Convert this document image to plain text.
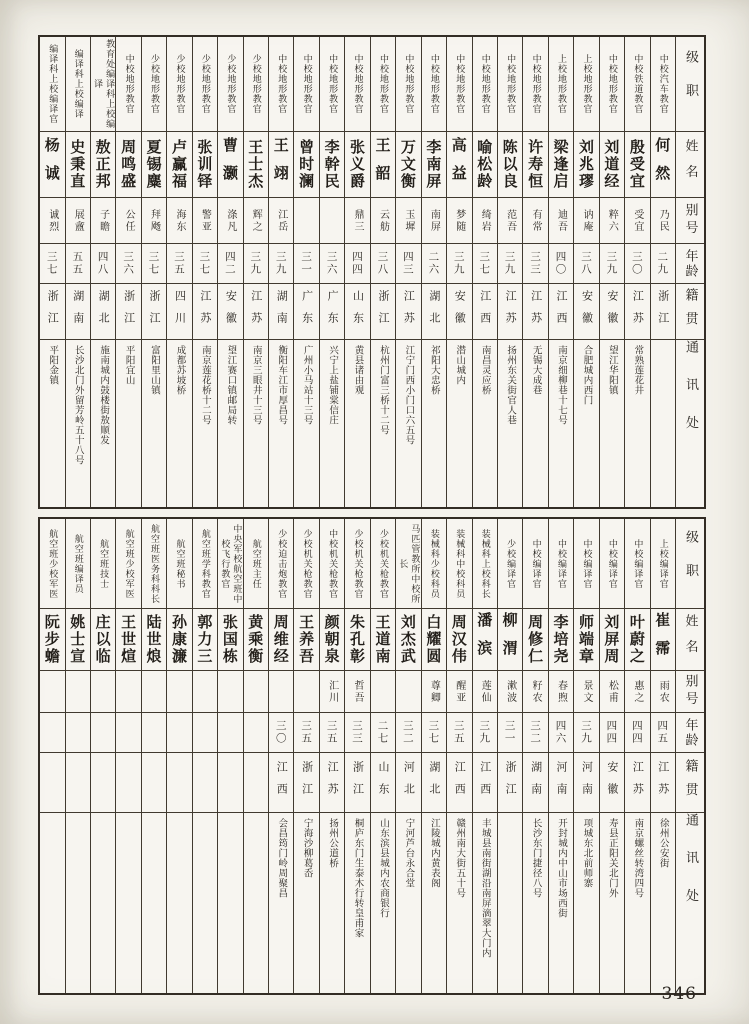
级职
姓名
别号
年龄
籍贯
通讯处
中校汽车教官
何然
乃民
二九
浙江
中校铁道教官
殷受宜
受宜
三〇
江苏
常熟莲花井
中校地形教官
刘道经
粹六
三九
安徽
望江华阳镇
上校地形教官
刘兆璆
讷庵
三八
安徽
合肥城内西门
上校地形教官
梁逢启
迪吾
四〇
江西
南京细柳巷十七号
中校地形教官
许寿恒
有常
三三
江苏
无锡大成巷
中校地形教官
陈以良
范吾
三九
江苏
扬州东关街官人巷
中校地形教官
喻松龄
绮岩
三七
江西
南昌灵应桥
中校地形教官
高益
梦随
三九
安徽
潜山城内
中校地形教官
李南屏
南屏
二六
湖北
祁阳大忠桥
中校地形教官
万文衡
玉墀
四三
江苏
江宁门西小门口六五号
中校地形教官
王韶
云舫
三八
浙江
杭州门富三桥十二号
中校地形教官
张义爵
鼎三
四四
山东
黄县诸由观
中校地形教官
李幹民
三六
广东
兴宁上盐铺棠信庄
中校地形教官
曾时澜
三一
广东
广州小马站十三号
中校地形教官
王翊
江岳
三九
湖南
衡阳车江市厚昌号
少校地形教官
王士杰
辉之
三九
江苏
南京三眼井十三号
少校地形教官
曹灏
涤凡
四二
安徽
望江赛口镇邮局转
少校地形教官
张训铎
警亚
三七
江苏
南京莲花桥十二号
少校地形教官
卢赢福
海东
三五
四川
成都苏坡桥
少校地形教官
夏锡麋
拜飏
三七
浙江
富阳里山镇
中校地形教官
周鸣盛
公任
三六
浙江
平阳宜山
教育处编译科上校编译
敖正邦
子瞻
四八
湖北
施南城内鼓楼街敖顺发
编译科上校编译
史秉直
展盦
五五
湖南
长沙北门外留芳岭五十八号
编译科上校编译官
杨诚
诚烈
三七
浙江
平阳金镇
级职
姓名
别号
年龄
籍贯
通讯处
上校编译官
崔霈
雨农
四五
江苏
徐州公安街
中校编译官
叶蔚之
惠之
四四
江苏
南京螺丝转湾四号
中校编译官
刘屏周
松甫
四四
安徽
寿县正阳关北门外
中校编译官
师端章
景文
三九
河南
项城东北前师寨
中校编译官
李培尧
春煦
四六
河南
开封城内中山市场西街
中校编译官
周修仁
籽农
三二
湖南
长沙东门捷径八号
少校编译官
柳渭
漱波
三一
浙江
装械科上校科长
潘滨
莲仙
三九
江西
丰城县南街湖沿南屏滴翠大门内
装械科中校科员
周汉伟
醒亚
三五
江西
赣州南大街五十号
装械科少校科员
白耀圆
尊卿
三七
湖北
江陵城内黄表阁
马匹管教所中校所长
刘杰武
三二
河北
宁河芦台永合堂
少校机关枪教官
王道南
二七
山东
山东滨县城内农商银行
少校机关枪教官
朱孔彰
哲吾
三三
浙江
桐庐东门生泰木行转皇甫家
中校机关枪教官
颜朝泉
汇川
三五
江苏
扬州公道桥
少校机关枪教官
王养吾
三五
浙江
宁海沙柳葛岙
少校迫击炮教官
周维经
三〇
江西
会昌筠门岭周聚昌
航空班主任
黄乘衡
中央军校航空班中校飞行教官
张国栋
航空班学科教官
郭力三
航空班秘书
孙康濂
航空班医务科科长
陆世烺
航空班少校军医
王世煊
航空班技士
庄以临
航空班编译员
姚士宣
航空班少校军医
阮步蟾
346
